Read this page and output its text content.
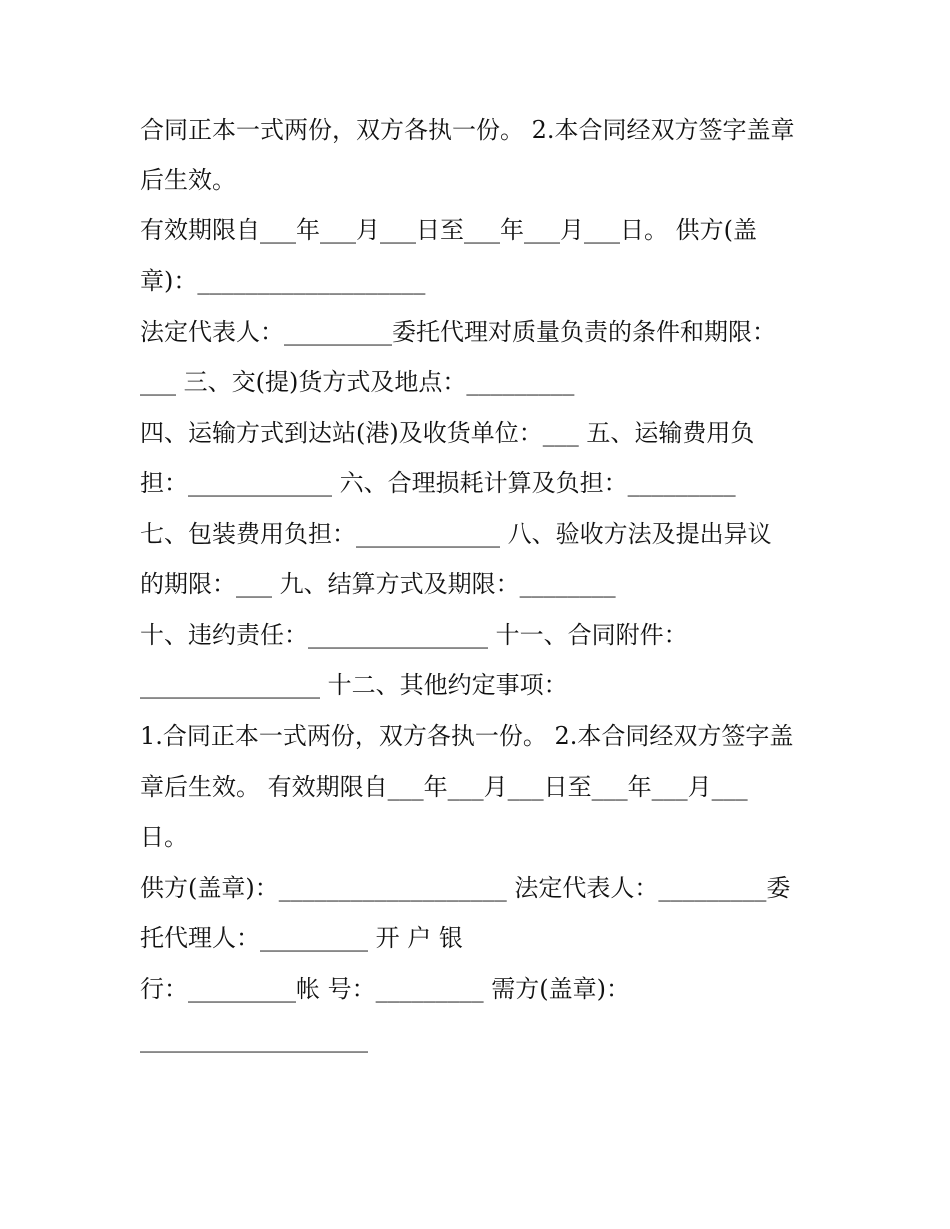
合同正本一式两份，双方各执一份。 2.本合同经双方签字盖章
后生效。
有效期限自___年___月___日至___年___月___日。 供方(盖
章)：___________________
法定代表人：_________委托代理对质量负责的条件和期限：
___ 三、交(提)货方式及地点：_________
四、运输方式到达站(港)及收货单位：___ 五、运输费用负
担：____________ 六、合理损耗计算及负担：_________
七、包装费用负担：____________ 八、验收方法及提出异议
的期限：___ 九、结算方式及期限：________
十、违约责任：_______________ 十一、合同附件：
_______________ 十二、其他约定事项：
1.合同正本一式两份，双方各执一份。 2.本合同经双方签字盖
章后生效。 有效期限自___年___月___日至___年___月___
日。
供方(盖章)：___________________ 法定代表人：_________委
托代理人：_________ 开 户 银
行：_________帐 号：_________ 需方(盖章)：
___________________
